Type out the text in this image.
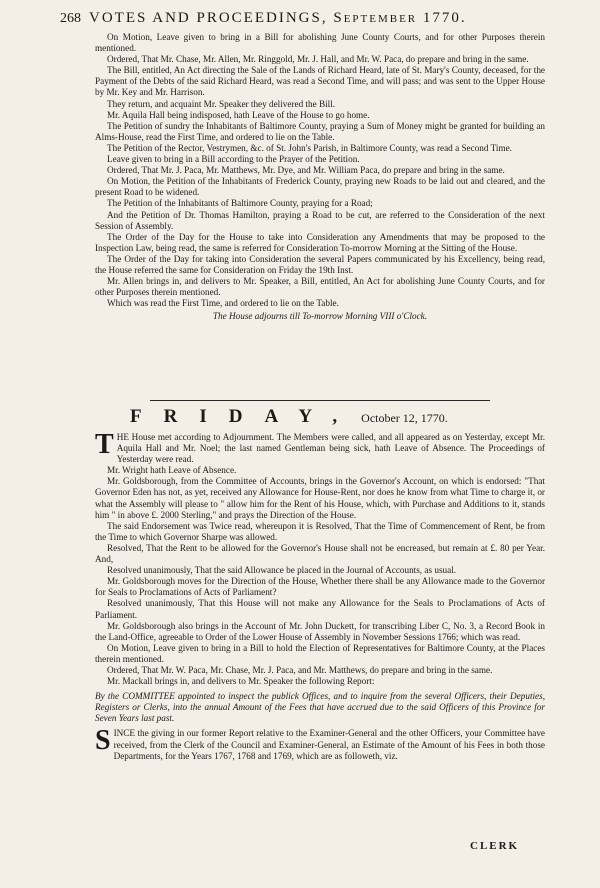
268 VOTES AND PROCEEDINGS, September 1770.

On Motion, Leave given to bring in a Bill for abolishing June County Courts, and for other Purposes therein mentioned.

Ordered, That Mr. Chase, Mr. Allen, Mr. Ringgold, Mr. J. Hall, and Mr. W. Paca, do prepare and bring in the same.

The Bill, entitled, An Act directing the Sale of the Lands of Richard Heard, late of St. Mary's County, deceased, for the Payment of the Debts of the said Richard Heard, was read a Second Time, and will pass; and was sent to the Upper House by Mr. Key and Mr. Harrison.

They return, and acquaint Mr. Speaker they delivered the Bill.

Mr. Aquila Hall being indisposed, hath Leave of the House to go home.

The Petition of sundry the Inhabitants of Baltimore County, praying a Sum of Money might be granted for building an Alms-House, read the First Time, and ordered to lie on the Table.

The Petition of the Rector, Vestrymen, &c. of St. John's Parish, in Baltimore County, was read a Second Time.

Leave given to bring in a Bill according to the Prayer of the Petition.

Ordered, That Mr. J. Paca, Mr. Matthews, Mr. Dye, and Mr. William Paca, do prepare and bring in the same.

On Motion, the Petition of the Inhabitants of Frederick County, praying new Roads to be laid out and cleared, and the present Road to be widened.

The Petition of the Inhabitants of Baltimore County, praying for a Road;

And the Petition of Dr. Thomas Hamilton, praying a Road to be cut, are referred to the Consideration of the next Session of Assembly.

The Order of the Day for the House to take into Consideration any Amendments that may be proposed to the Inspection Law, being read, the same is referred for Consideration To-morrow Morning at the Sitting of the House.

The Order of the Day for taking into Consideration the several Papers communicated by his Excellency, being read, the House referred the same for Consideration on Friday the 19th Inst.

Mr. Allen brings in, and delivers to Mr. Speaker, a Bill, entitled, An Act for abolishing June County Courts, and for other Purposes therein mentioned.

Which was read the First Time, and ordered to lie on the Table.

The House adjourns till To-morrow Morning VIII o'Clock.

FRIDAY, October 12, 1770.

THE House met according to Adjournment. The Members were called, and all appeared as on Yesterday, except Mr. Aquila Hall and Mr. Noel; the last named Gentleman being sick, hath Leave of Absence. The Proceedings of Yesterday were read.

Mr. Wright hath Leave of Absence.

Mr. Goldsborough, from the Committee of Accounts, brings in the Governor's Account, on which is endorsed: "That Governor Eden has not, as yet, received any Allowance for House-Rent, nor does he know from what Time to charge it, or what the Assembly will please to " allow him for the Rent of his House, which, with Purchase and Additions to it, stands him " in above £. 2000 Sterling," and prays the Direction of the House.

The said Endorsement was Twice read, whereupon it is Resolved, That the Time of Commencement of Rent, be from the Time to which Governor Sharpe was allowed.

Resolved, That the Rent to be allowed for the Governor's House shall not be encreased, but remain at £. 80 per Year. And,

Resolved unanimously, That the said Allowance be placed in the Journal of Accounts, as usual.

Mr. Goldsborough moves for the Direction of the House, Whether there shall be any Allowance made to the Governor for Seals to Proclamations of Acts of Parliament?

Resolved unanimously, That this House will not make any Allowance for the Seals to Proclamations of Acts of Parliament.

Mr. Goldsborough also brings in the Account of Mr. John Duckett, for transcribing Liber C, No. 3, a Record Book in the Land-Office, agreeable to Order of the Lower House of Assembly in November Sessions 1766; which was read.

On Motion, Leave given to bring in a Bill to hold the Election of Representatives for Baltimore County, at the Places therein mentioned.

Ordered, That Mr. W. Paca, Mr. Chase, Mr. J. Paca, and Mr. Matthews, do prepare and bring in the same.

Mr. Mackall brings in, and delivers to Mr. Speaker the following Report:

By the COMMITTEE appointed to inspect the publick Offices, and to inquire from the several Officers, their Deputies, Registers or Clerks, into the annual Amount of the Fees that have accrued due to the said Officers of this Province for Seven Years last past.

SINCE the giving in our former Report relative to the Examiner-General and the other Officers, your Committee have received, from the Clerk of the Council and Examiner-General, an Estimate of the Amount of his Fees in both those Departments, for the Years 1767, 1768 and 1769, which are as followeth, viz.

CLERK
